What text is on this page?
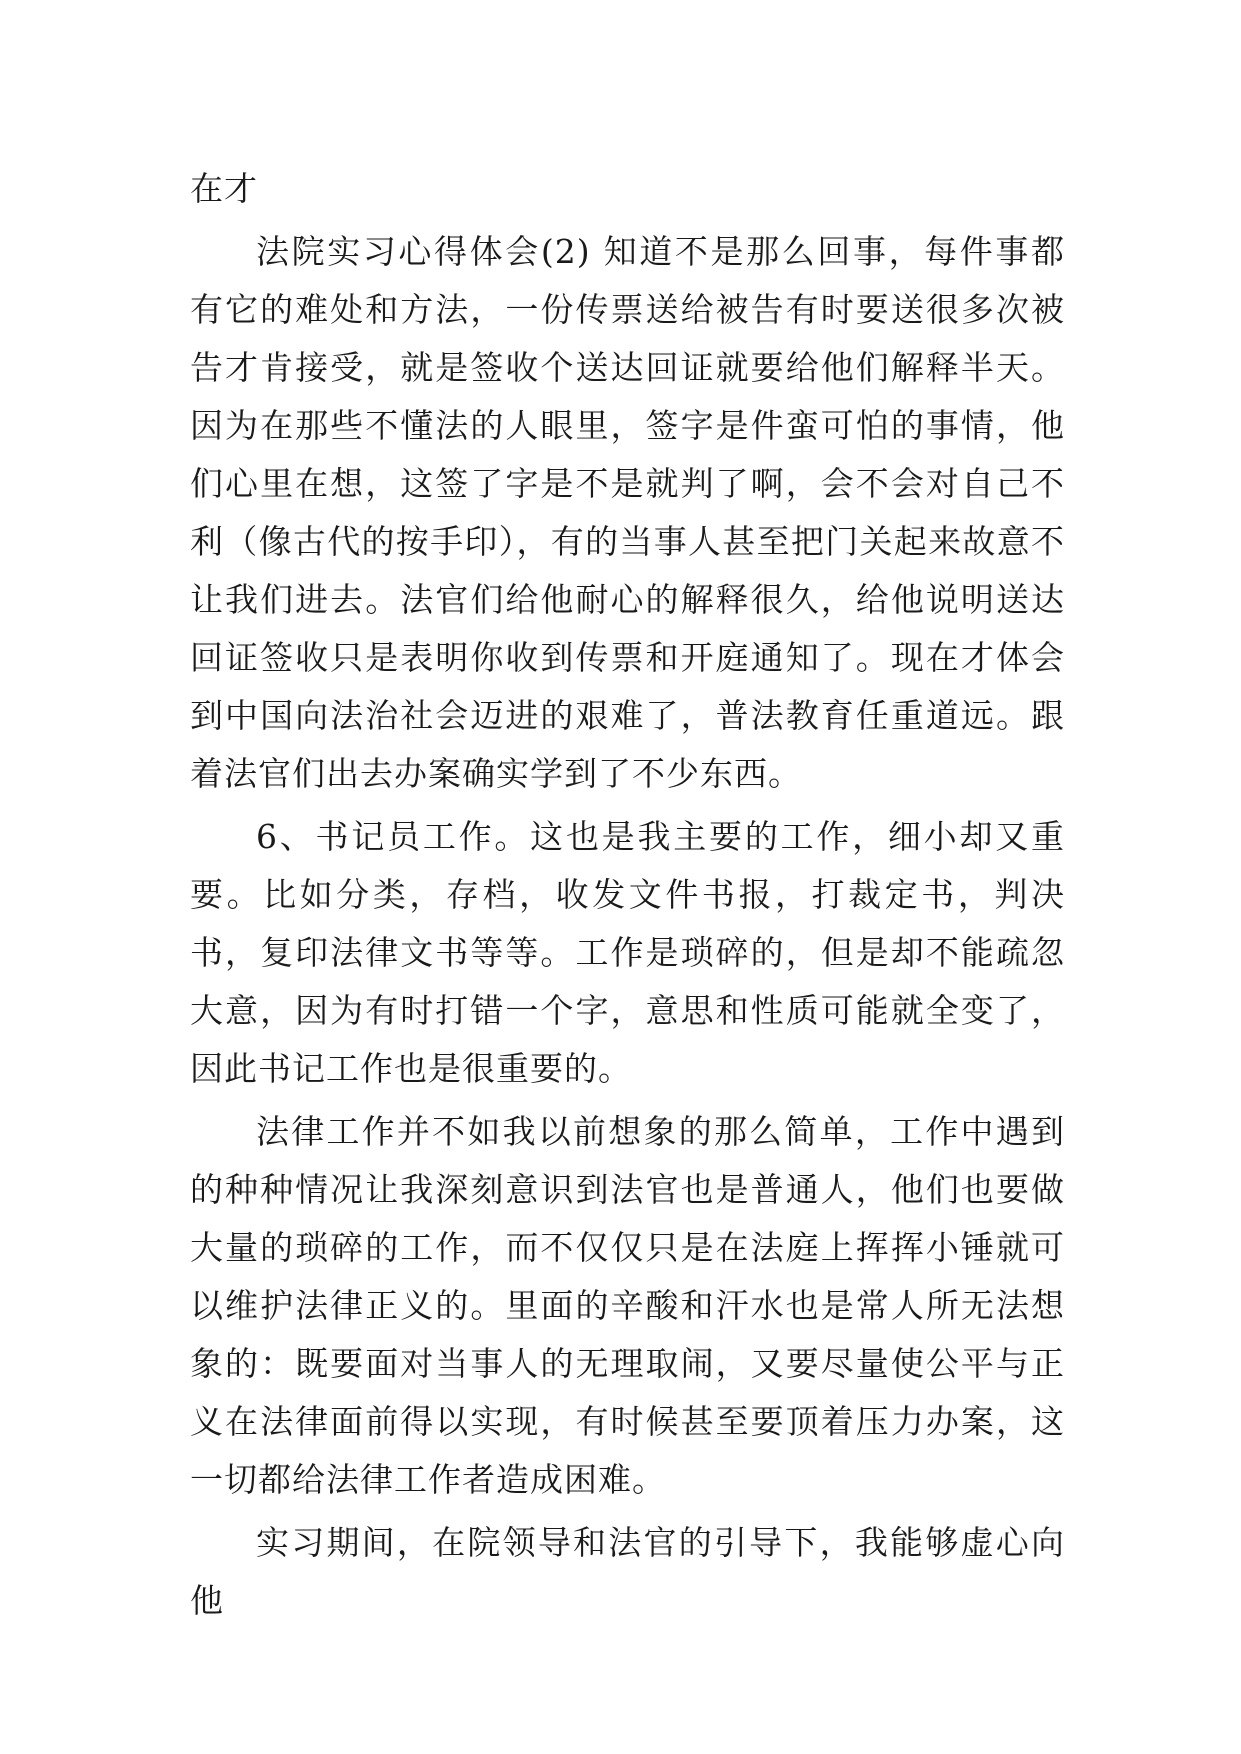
在才

法院实习心得体会(2) 知道不是那么回事，每件事都有它的难处和方法，一份传票送给被告有时要送很多次被告才肯接受，就是签收个送达回证就要给他们解释半天。因为在那些不懂法的人眼里，签字是件蛮可怕的事情，他们心里在想，这签了字是不是就判了啊，会不会对自己不利（像古代的按手印），有的当事人甚至把门关起来故意不让我们进去。法官们给他耐心的解释很久，给他说明送达回证签收只是表明你收到传票和开庭通知了。现在才体会到中国向法治社会迈进的艰难了，普法教育任重道远。跟着法官们出去办案确实学到了不少东西。

6、书记员工作。这也是我主要的工作，细小却又重要。比如分类，存档，收发文件书报，打裁定书，判决书，复印法律文书等等。工作是琐碎的，但是却不能疏忽大意，因为有时打错一个字，意思和性质可能就全变了，因此书记工作也是很重要的。

法律工作并不如我以前想象的那么简单，工作中遇到的种种情况让我深刻意识到法官也是普通人，他们也要做大量的琐碎的工作，而不仅仅只是在法庭上挥挥小锤就可以维护法律正义的。里面的辛酸和汗水也是常人所无法想象的：既要面对当事人的无理取闹，又要尽量使公平与正义在法律面前得以实现，有时候甚至要顶着压力办案，这一切都给法律工作者造成困难。

实习期间，在院领导和法官的引导下，我能够虚心向他
